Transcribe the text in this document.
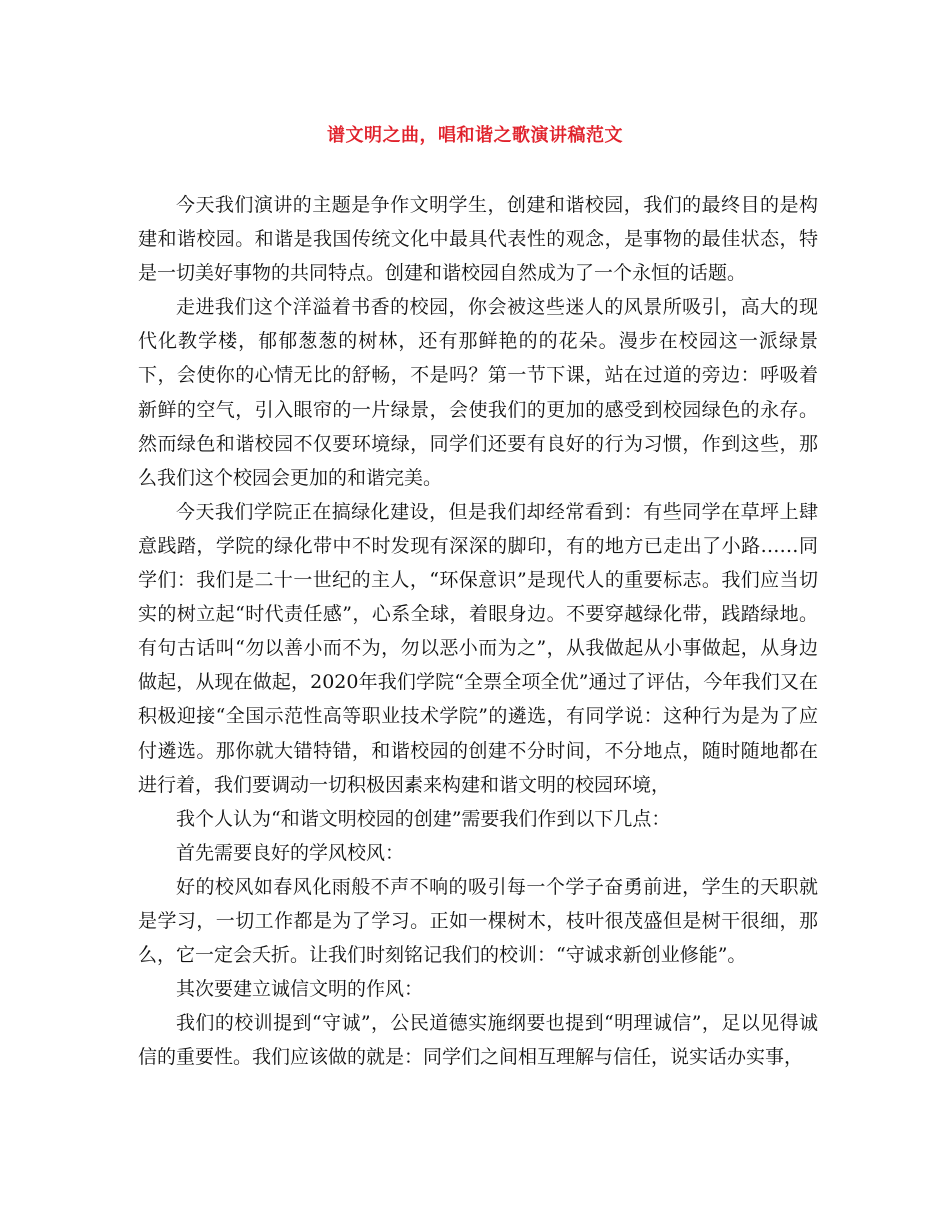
谱文明之曲，唱和谐之歌演讲稿范文

今天我们演讲的主题是争作文明学生，创建和谐校园，我们的最终目的是构建和谐校园。和谐是我国传统文化中最具代表性的观念，是事物的最佳状态，特是一切美好事物的共同特点。创建和谐校园自然成为了一个永恒的话题。

走进我们这个洋溢着书香的校园，你会被这些迷人的风景所吸引，高大的现代化教学楼，郁郁葱葱的树林，还有那鲜艳的的花朵。漫步在校园这一派绿景下，会使你的心情无比的舒畅，不是吗？第一节下课，站在过道的旁边：呼吸着新鲜的空气，引入眼帘的一片绿景，会使我们的更加的感受到校园绿色的永存。然而绿色和谐校园不仅要环境绿，同学们还要有良好的行为习惯，作到这些，那么我们这个校园会更加的和谐完美。

今天我们学院正在搞绿化建设，但是我们却经常看到：有些同学在草坪上肆意践踏，学院的绿化带中不时发现有深深的脚印，有的地方已走出了小路……同学们：我们是二十一世纪的主人，“环保意识”是现代人的重要标志。我们应当切实的树立起“时代责任感”，心系全球，着眼身边。不要穿越绿化带，践踏绿地。有句古话叫“勿以善小而不为，勿以恶小而为之”，从我做起从小事做起，从身边做起，从现在做起，2020年我们学院“全票全项全优”通过了评估，今年我们又在积极迎接“全国示范性高等职业技术学院”的遴选，有同学说：这种行为是为了应付遴选。那你就大错特错，和谐校园的创建不分时间，不分地点，随时随地都在进行着，我们要调动一切积极因素来构建和谐文明的校园环境，

我个人认为“和谐文明校园的创建”需要我们作到以下几点：

首先需要良好的学风校风：

好的校风如春风化雨般不声不响的吸引每一个学子奋勇前进，学生的天职就是学习，一切工作都是为了学习。正如一棵树木，枝叶很茂盛但是树干很细，那么，它一定会夭折。让我们时刻铭记我们的校训：“守诚求新创业修能”。

其次要建立诚信文明的作风：

我们的校训提到“守诚”，公民道德实施纲要也提到“明理诚信”，足以见得诚信的重要性。我们应该做的就是：同学们之间相互理解与信任，说实话办实事，
